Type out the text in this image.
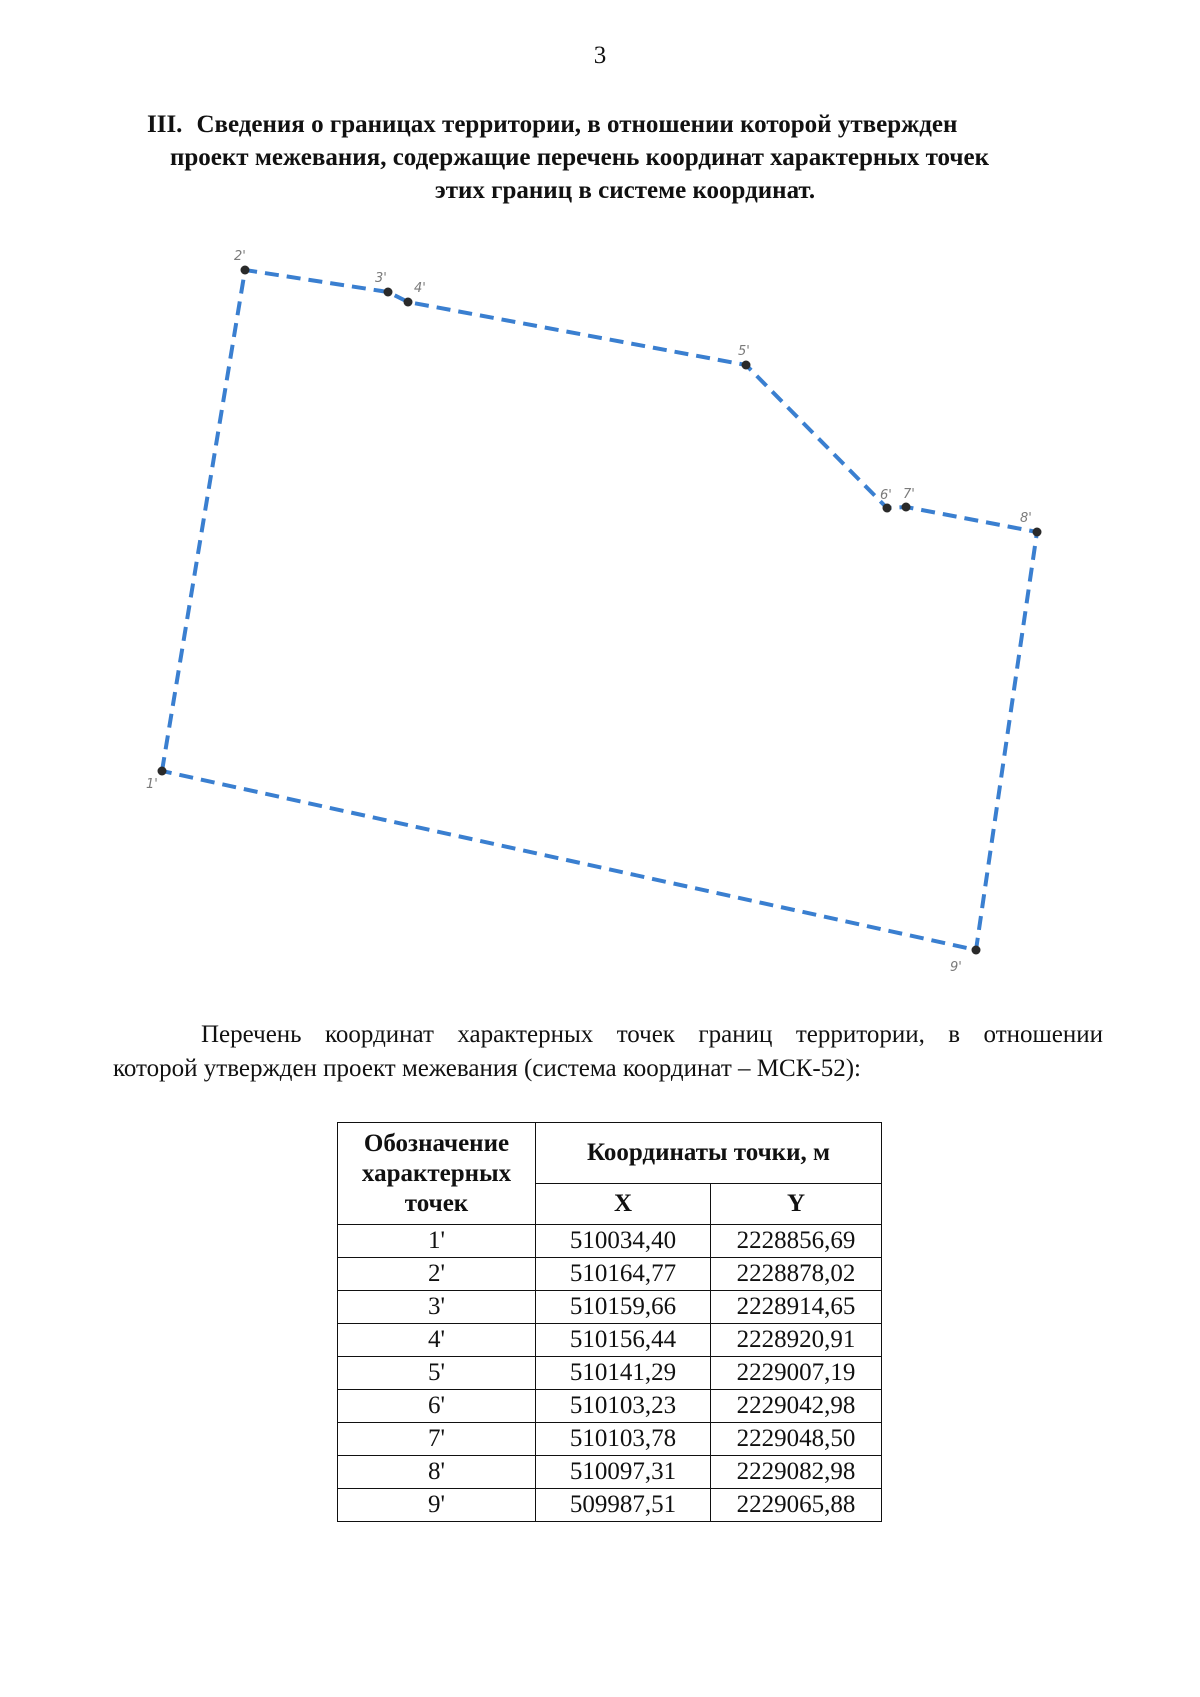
3
III. Сведения о границах территории, в отношении которой утвержден
проект межевания, содержащие перечень координат характерных точек
этих границ в системе координат.
1'
2'
3'
4'
5'
6' 7'
8'
9'
Перечень координат характерных точек границ территории, в отношении
которой утвержден проект межевания (система координат – МСК-52):
Обозначение характерных точек	Координаты точки, м	
	X	Y
1'	510034,40	2228856,69
2'	510164,77	2228878,02
3'	510159,66	2228914,65
4'	510156,44	2228920,91
5'	510141,29	2229007,19
6'	510103,23	2229042,98
7'	510103,78	2229048,50
8'	510097,31	2229082,98
9'	509987,51	2229065,88
